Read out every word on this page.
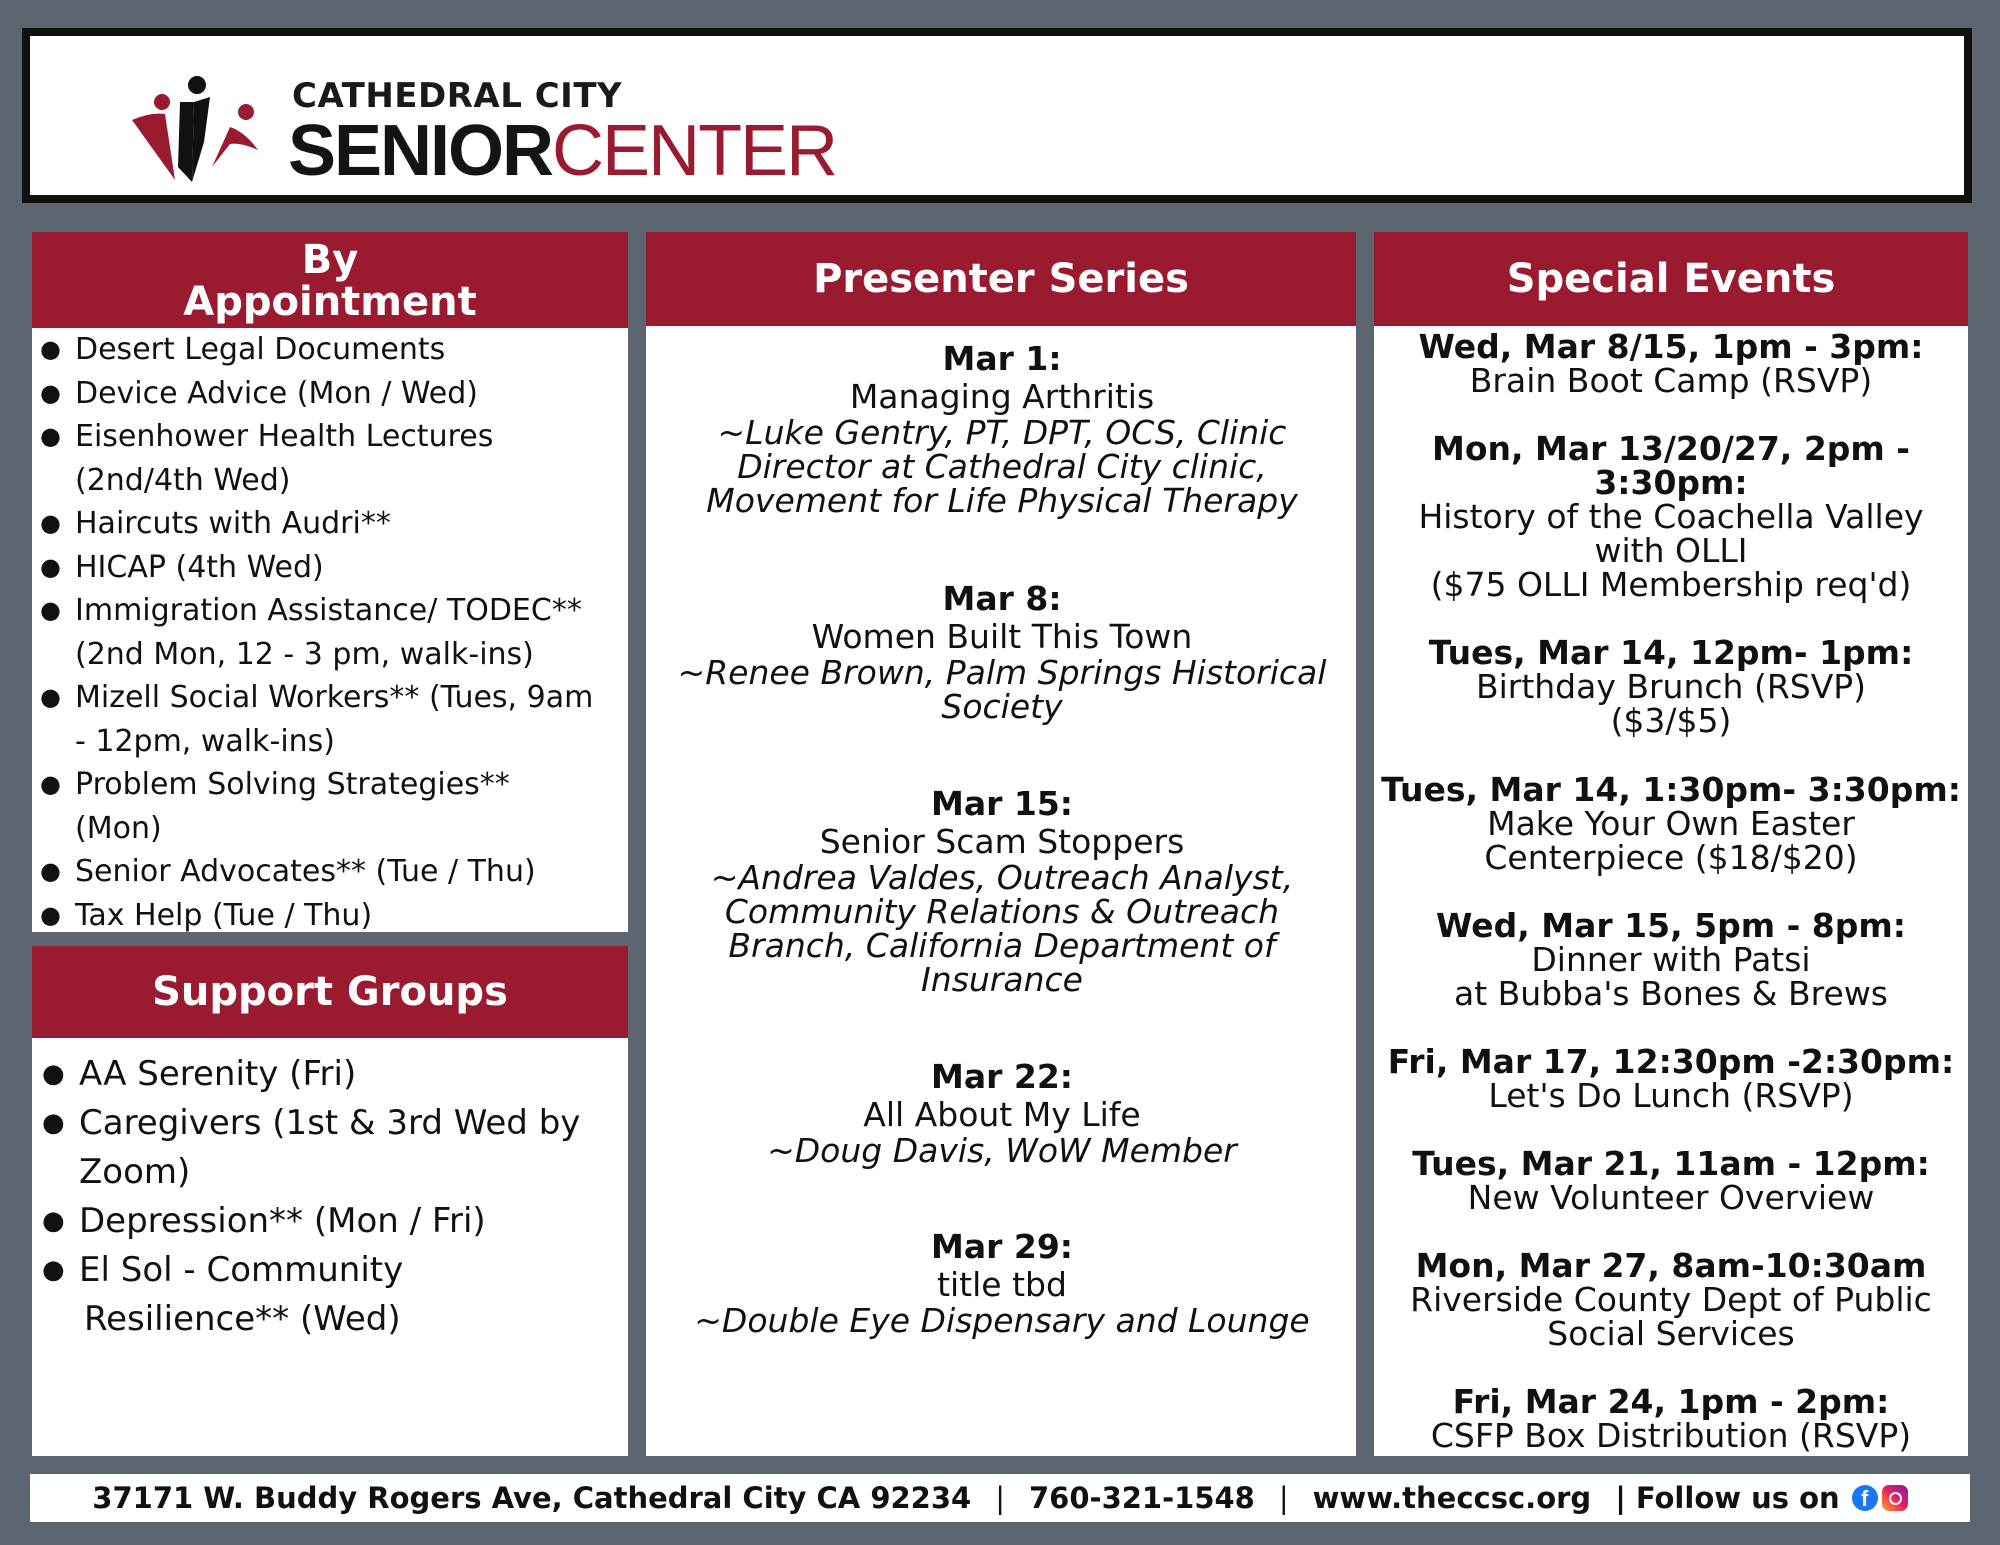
CATHEDRAL CITY
SENIORCENTER
By Appointment
● Desert Legal Documents
● Device Advice (Mon / Wed)
● Eisenhower Health Lectures
(2nd/4th Wed)
● Haircuts with Audri**
● HICAP (4th Wed)
● Immigration Assistance/ TODEC**
(2nd Mon, 12 - 3 pm, walk-ins)
● Mizell Social Workers** (Tues, 9am
- 12pm, walk-ins)
● Problem Solving Strategies**
(Mon)
● Senior Advocates** (Tue / Thu)
● Tax Help (Tue / Thu)
Support Groups
● AA Serenity (Fri)
● Caregivers (1st & 3rd Wed by
Zoom)
● Depression** (Mon / Fri)
● El Sol - Community
Resilience** (Wed)
Presenter Series
Mar 1:
Managing Arthritis
~Luke Gentry, PT, DPT, OCS, Clinic
Director at Cathedral City clinic,
Movement for Life Physical Therapy
Mar 8:
Women Built This Town
~Renee Brown, Palm Springs Historical
Society
Mar 15:
Senior Scam Stoppers
~Andrea Valdes, Outreach Analyst,
Community Relations & Outreach
Branch, California Department of
Insurance
Mar 22:
All About My Life
~Doug Davis, WoW Member
Mar 29:
title tbd
~Double Eye Dispensary and Lounge
Special Events
Wed, Mar 8/15, 1pm - 3pm:
Brain Boot Camp (RSVP)
Mon, Mar 13/20/27, 2pm -
3:30pm:
History of the Coachella Valley
with OLLI
($75 OLLI Membership req'd)
Tues, Mar 14, 12pm- 1pm:
Birthday Brunch (RSVP)
($3/$5)
Tues, Mar 14, 1:30pm- 3:30pm:
Make Your Own Easter
Centerpiece ($18/$20)
Wed, Mar 15, 5pm - 8pm:
Dinner with Patsi
at Bubba's Bones & Brews
Fri, Mar 17, 12:30pm -2:30pm:
Let's Do Lunch (RSVP)
Tues, Mar 21, 11am - 12pm:
New Volunteer Overview
Mon, Mar 27, 8am-10:30am
Riverside County Dept of Public
Social Services
Fri, Mar 24, 1pm - 2pm:
CSFP Box Distribution (RSVP)
37171 W. Buddy Rogers Ave, Cathedral City CA 92234 | 760-321-1548 | www.theccsc.org | Follow us on f
